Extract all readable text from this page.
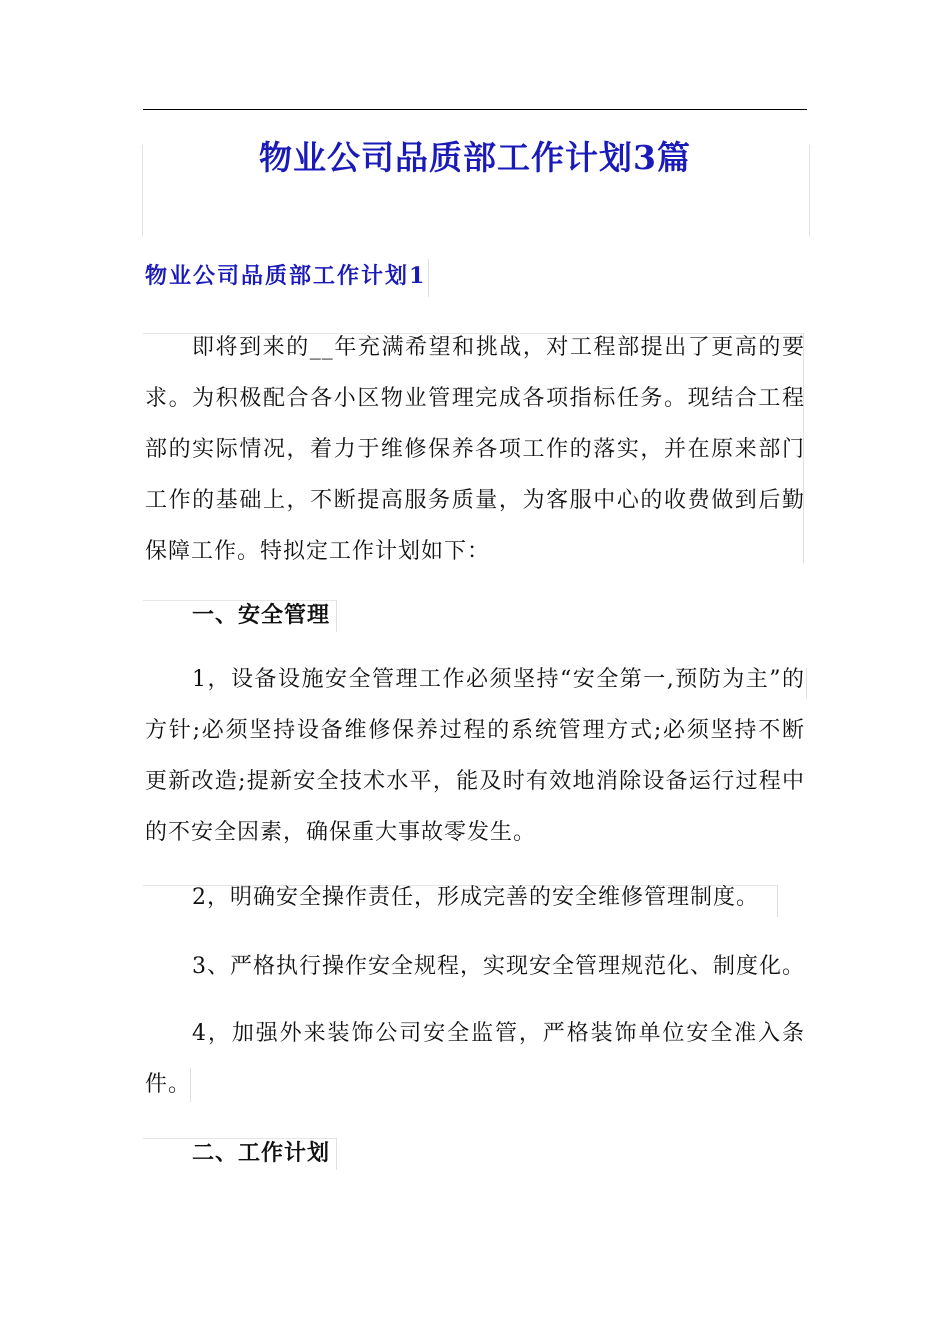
物业公司品质部工作计划3篇
物业公司品质部工作计划1

即将到来的__年充满希望和挑战，对工程部提出了更高的要求。为积极配合各小区物业管理完成各项指标任务。现结合工程部的实际情况，着力于维修保养各项工作的落实，并在原来部门工作的基础上，不断提高服务质量，为客服中心的收费做到后勤保障工作。特拟定工作计划如下：

一、安全管理

1，设备设施安全管理工作必须坚持“安全第一,预防为主”的方针;必须坚持设备维修保养过程的系统管理方式;必须坚持不断更新改造;提新安全技术水平，能及时有效地消除设备运行过程中的不安全因素，确保重大事故零发生。

2，明确安全操作责任，形成完善的安全维修管理制度。

3、严格执行操作安全规程，实现安全管理规范化、制度化。

4，加强外来装饰公司安全监管，严格装饰单位安全准入条件。

二、工作计划
